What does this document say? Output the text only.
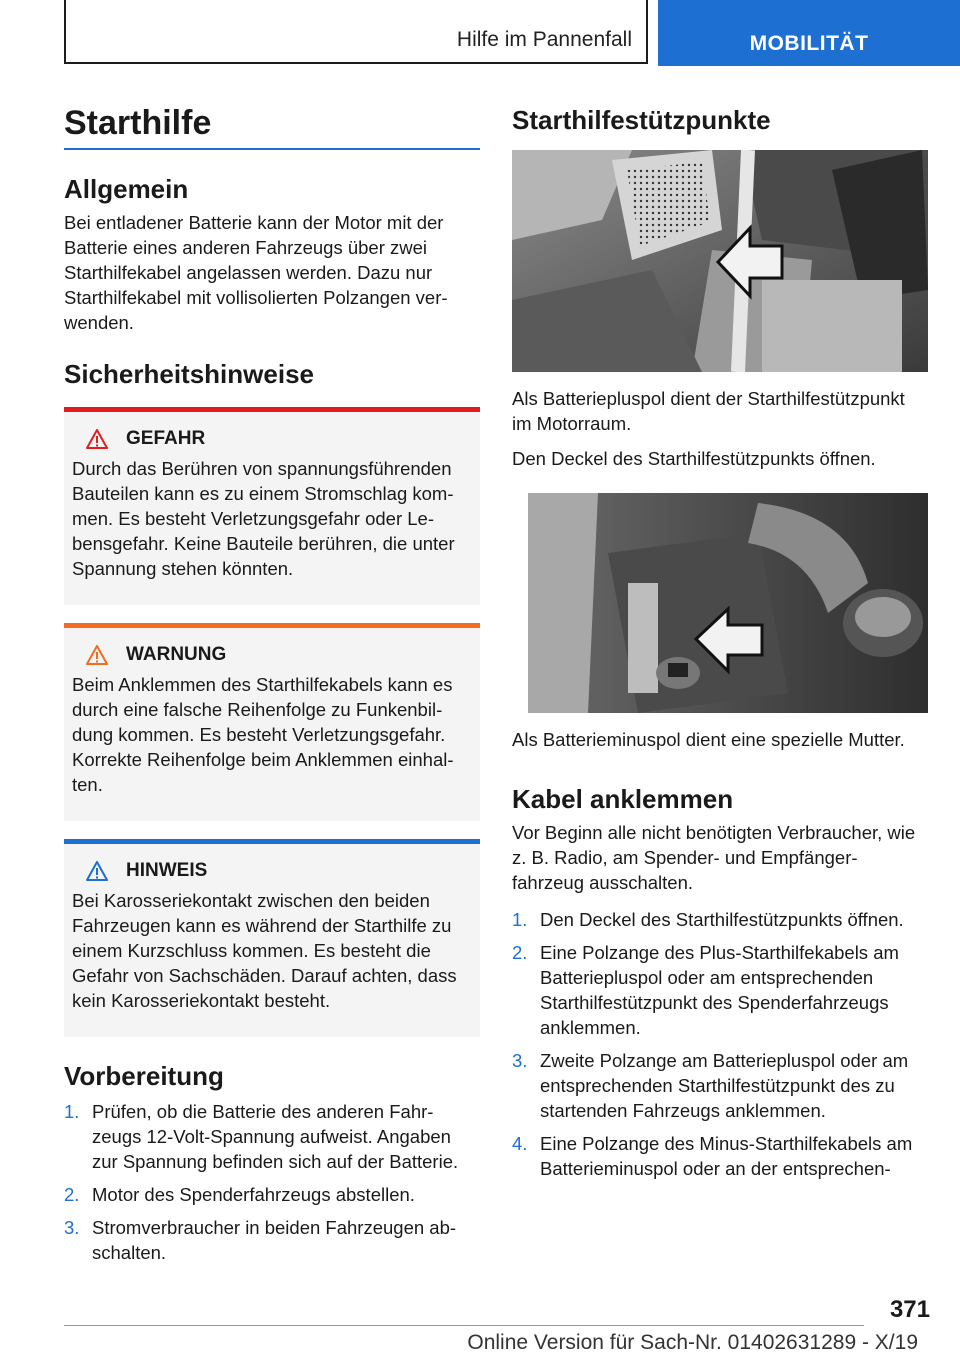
Hilfe im Pannenfall	MOBILITÄT
Starthilfe
Allgemein

Bei entladener Batterie kann der Motor mit der Batterie eines anderen Fahrzeugs über zwei Starthilfekabel angelassen werden. Dazu nur Starthilfekabel mit vollisolierten Polzangen ver-wenden.

Sicherheitshinweise
GEFAHR

Durch das Berühren von spannungsführenden Bauteilen kann es zu einem Stromschlag kom-men. Es besteht Verletzungsgefahr oder Le-bensgefahr. Keine Bauteile berühren, die unter Spannung stehen könnten.

WARNUNG

Beim Anklemmen des Starthilfekabels kann es durch eine falsche Reihenfolge zu Funkenbil-dung kommen. Es besteht Verletzungsgefahr. Korrekte Reihenfolge beim Anklemmen einhal-ten.

HINWEIS

Bei Karosseriekontakt zwischen den beiden Fahrzeugen kann es während der Starthilfe zu einem Kurzschluss kommen. Es besteht die Gefahr von Sachschäden. Darauf achten, dass kein Karosseriekontakt besteht.

Vorbereitung
1. Prüfen, ob die Batterie des anderen Fahr-zeugs 12-Volt-Spannung aufweist. Angaben zur Spannung befinden sich auf der Batterie.
2. Motor des Spenderfahrzeugs abstellen.
3. Stromverbraucher in beiden Fahrzeugen ab-schalten.
Starthilfestützpunkte

Als Batteriepluspol dient der Starthilfestützpunkt im Motorraum.

Den Deckel des Starthilfestützpunkts öffnen.

Als Batterieminuspol dient eine spezielle Mutter.

Kabel anklemmen

Vor Beginn alle nicht benötigten Verbraucher, wie z. B. Radio, am Spender- und Empfänger-fahrzeug ausschalten.

1. Den Deckel des Starthilfestützpunkts öffnen.
2. Eine Polzange des Plus-Starthilfekabels am Batteriepluspol oder am entsprechenden Starthilfestützpunkt des Spenderfahrzeugs anklemmen.
3. Zweite Polzange am Batteriepluspol oder am entsprechenden Starthilfestützpunkt des zu startenden Fahrzeugs anklemmen.
4. Eine Polzange des Minus-Starthilfekabels am Batterieminuspol oder an der entsprechen-
371
Online Version für Sach-Nr. 01402631289 - X/19
